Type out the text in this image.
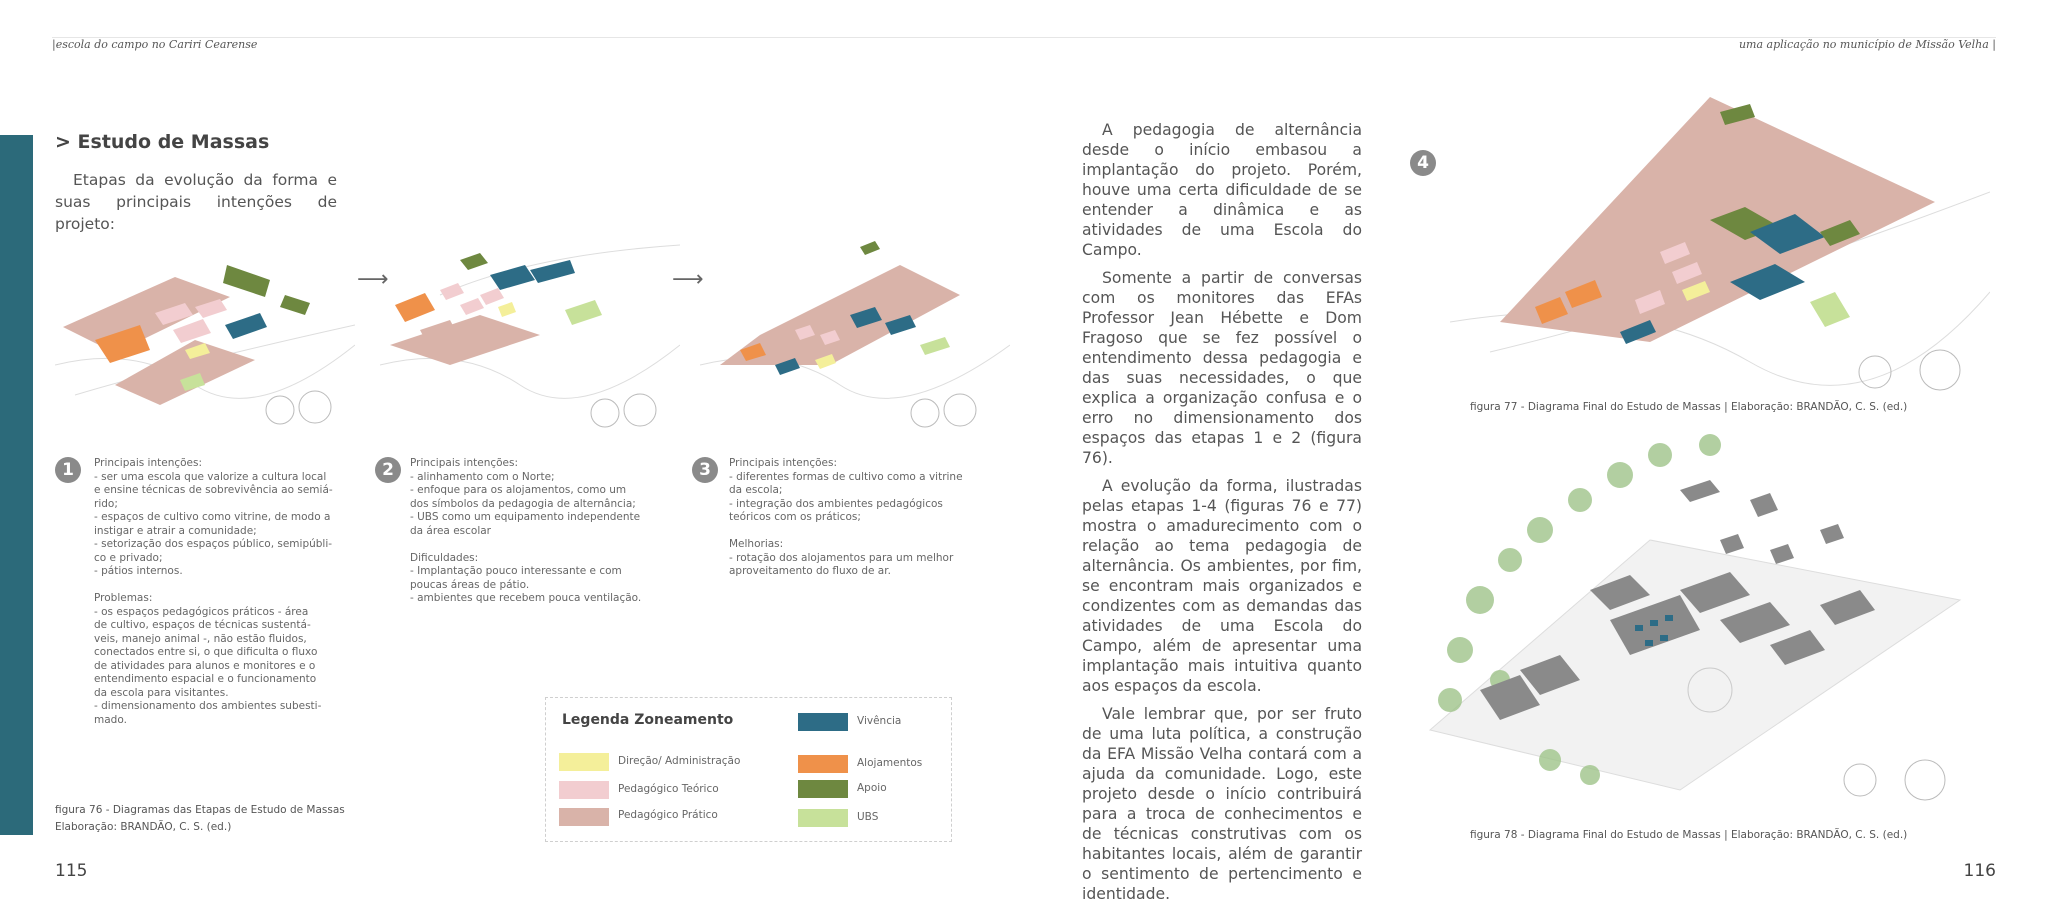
|escola do campo no Cariri Cearense	uma aplicação no município de Missão Velha |
> Estudo de Massas
Etapas da evolução da forma e suas principais intenções de projeto:
⟶	⟶
1	Principais intenções:
- ser uma escola que valorize a cultura local
e ensine técnicas de sobrevivência ao semiá-
rido;
- espaços de cultivo como vitrine, de modo a
instigar e atrair a comunidade;
- setorização dos espaços público, semipúbli-
co e privado;
- pátios internos.

Problemas:
- os espaços pedagógicos práticos - área
de cultivo, espaços de técnicas sustentá-
veis, manejo animal -, não estão fluidos,
conectados entre si, o que dificulta o fluxo
de atividades para alunos e monitores e o
entendimento espacial e o funcionamento
da escola para visitantes.
- dimensionamento dos ambientes subesti-
mado.
2	Principais intenções:
- alinhamento com o Norte;
- enfoque para os alojamentos, como um
dos símbolos da pedagogia de alternância;
- UBS como um equipamento independente
da área escolar

Dificuldades:
- Implantação pouco interessante e com
poucas áreas de pátio.
- ambientes que recebem pouca ventilação.
3	Principais intenções:
- diferentes formas de cultivo como a vitrine
da escola;
- integração dos ambientes pedagógicos
teóricos com os práticos;

Melhorias:
- rotação dos alojamentos para um melhor
aproveitamento do fluxo de ar.
Legenda Zoneamento
Direção/ Administração
Pedagógico Teórico
Pedagógico Prático
Vivência
Alojamentos
Apoio
UBS
figura 76 - Diagramas das Etapas de Estudo de Massas
Elaboração: BRANDÃO, C. S. (ed.)
115

A pedagogia de alternância desde o início embasou a implantação do projeto. Porém, houve uma certa dificuldade de se entender a dinâmica e as atividades de uma Escola do Campo.

Somente a partir de conversas com os monitores das EFAs Professor Jean Hébette e Dom Fragoso que se fez possível o entendimento dessa pedagogia e das suas necessidades, o que explica a organização confusa e o erro no dimensionamento dos espaços das etapas 1 e 2 (figura 76).

A evolução da forma, ilustradas pelas etapas 1-4 (figuras 76 e 77) mostra o amadurecimento com o relação ao tema pedagogia de alternância. Os ambientes, por fim, se encontram mais organizados e condizentes com as demandas das atividades de uma Escola do Campo, além de apresentar uma implantação mais intuitiva quanto aos espaços da escola.

Vale lembrar que, por ser fruto de uma luta política, a construção da EFA Missão Velha contará com a ajuda da comunidade. Logo, este projeto desde o início contribuirá para a troca de conhecimentos e de técnicas construtivas com os habitantes locais, além de garantir o sentimento de pertencimento e identidade.

4
figura 77 - Diagrama Final do Estudo de Massas | Elaboração: BRANDÃO, C. S. (ed.)
figura 78 - Diagrama Final do Estudo de Massas | Elaboração: BRANDÃO, C. S. (ed.)
116
